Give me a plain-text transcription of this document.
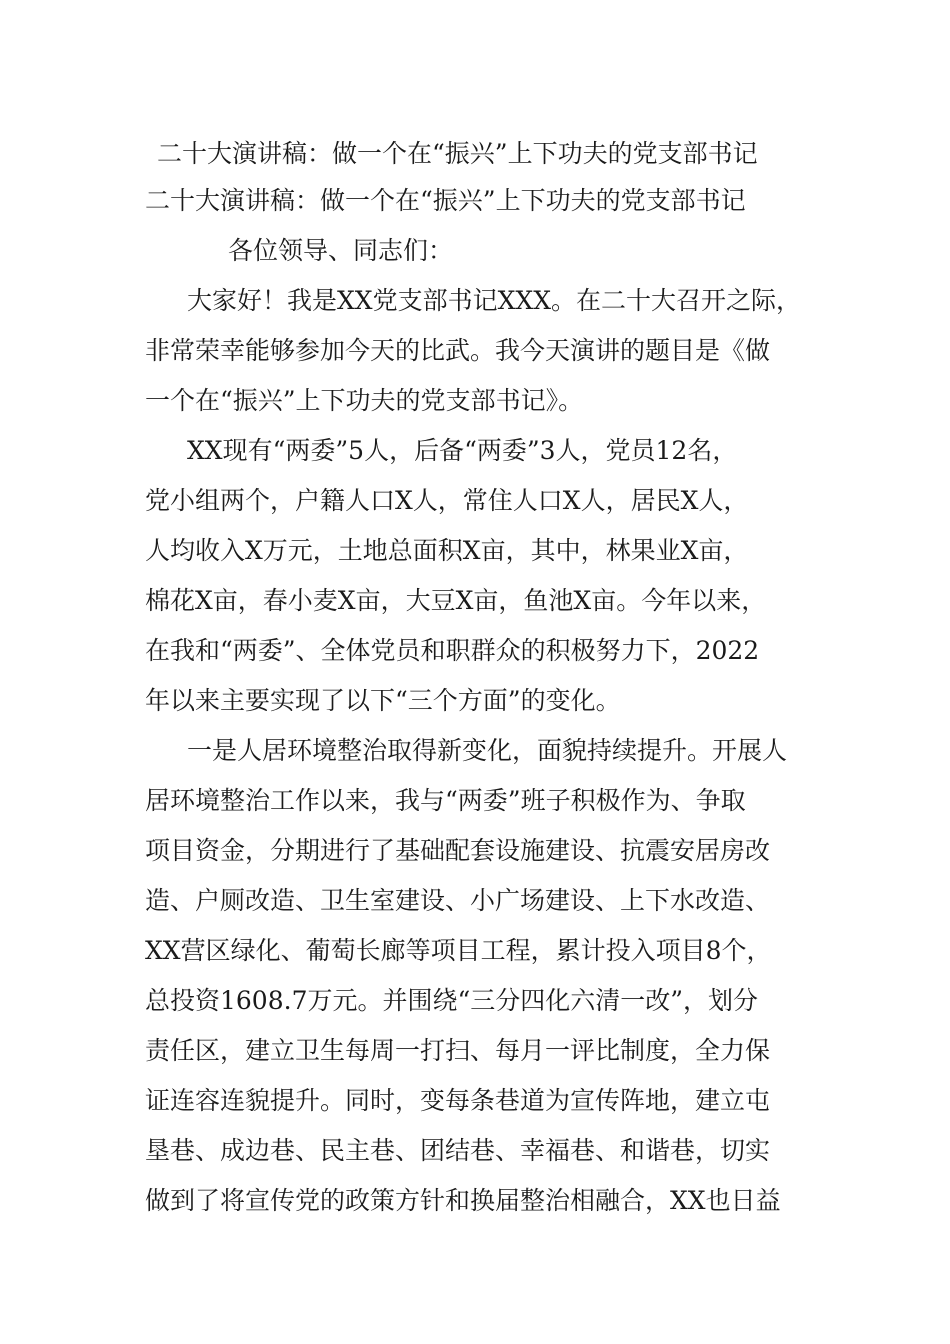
二十大演讲稿：做一个在“振兴”上下功夫的党支部书记
二十大演讲稿：做一个在“振兴”上下功夫的党支部书记
各位领导、同志们：
大家好！我是XX党支部书记XXX。在二十大召开之际，
非常荣幸能够参加今天的比武。我今天演讲的题目是《做
一个在“振兴”上下功夫的党支部书记》。
XX现有“两委”5人，后备“两委”3人，党员12名，
党小组两个，户籍人口X人，常住人口X人，居民X人，
人均收入X万元，土地总面积X亩，其中，林果业X亩，
棉花X亩，春小麦X亩，大豆X亩，鱼池X亩。今年以来，
在我和“两委”、全体党员和职群众的积极努力下，2022
年以来主要实现了以下“三个方面”的变化。
一是人居环境整治取得新变化，面貌持续提升。开展人
居环境整治工作以来，我与“两委”班子积极作为、争取
项目资金，分期进行了基础配套设施建设、抗震安居房改
造、户厕改造、卫生室建设、小广场建设、上下水改造、
XX营区绿化、葡萄长廊等项目工程，累计投入项目8个，
总投资1608.7万元。并围绕“三分四化六清一改”，划分
责任区，建立卫生每周一打扫、每月一评比制度，全力保
证连容连貌提升。同时，变每条巷道为宣传阵地，建立屯
垦巷、成边巷、民主巷、团结巷、幸福巷、和谐巷，切实
做到了将宣传党的政策方针和换届整治相融合，XX也日益
